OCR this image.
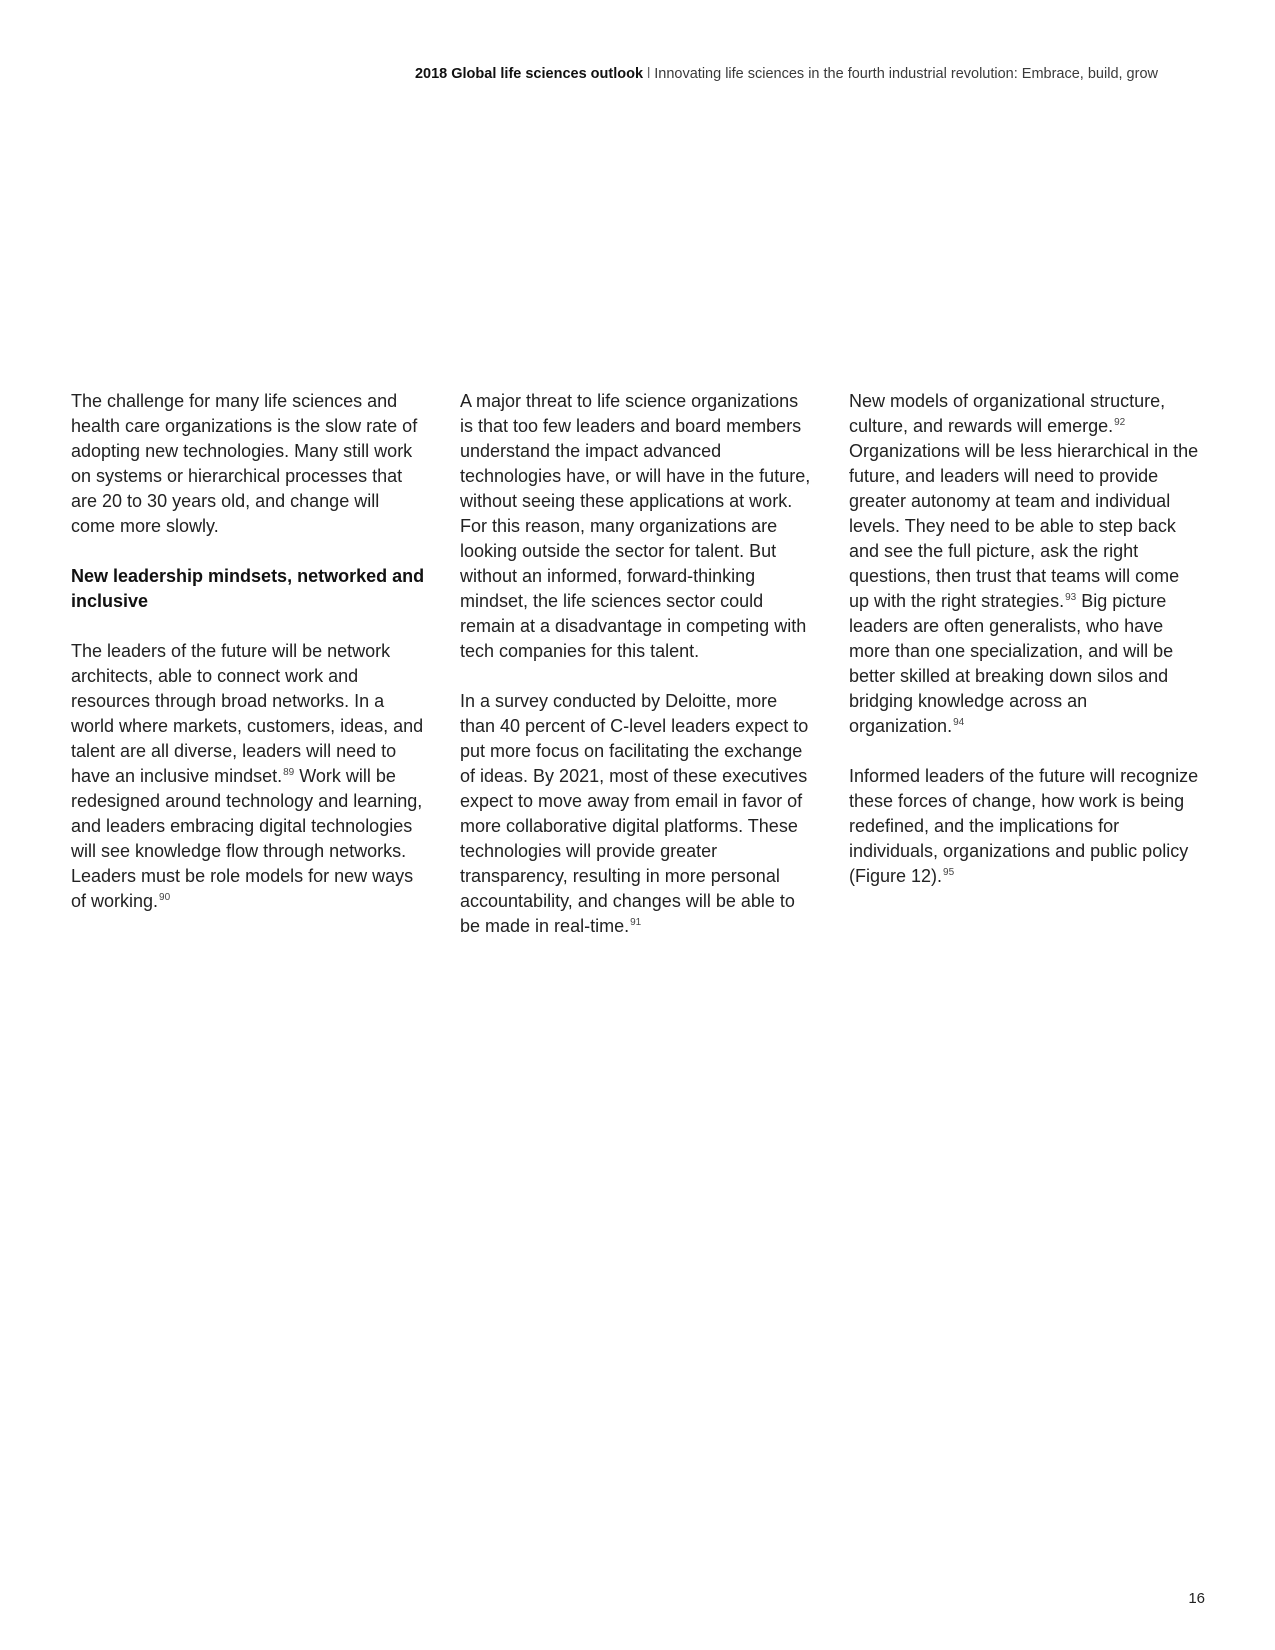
2018 Global life sciences outlook l Innovating life sciences in the fourth industrial revolution: Embrace, build, grow

The challenge for many life sciences and health care organizations is the slow rate of adopting new technologies. Many still work on systems or hierarchical processes that are 20 to 30 years old, and change will come more slowly.

New leadership mindsets, networked and inclusive

The leaders of the future will be network architects, able to connect work and resources through broad networks. In a world where markets, customers, ideas, and talent are all diverse, leaders will need to have an inclusive mindset.$^{89}$ Work will be redesigned around technology and learning, and leaders embracing digital technologies will see knowledge flow through networks. Leaders must be role models for new ways of working.$^{90}$

A major threat to life science organizations is that too few leaders and board members understand the impact advanced technologies have, or will have in the future, without seeing these applications at work. For this reason, many organizations are looking outside the sector for talent. But without an informed, forward-thinking mindset, the life sciences sector could remain at a disadvantage in competing with tech companies for this talent.

In a survey conducted by Deloitte, more than 40 percent of C-level leaders expect to put more focus on facilitating the exchange of ideas. By 2021, most of these executives expect to move away from email in favor of more collaborative digital platforms. These technologies will provide greater transparency, resulting in more personal accountability, and changes will be able to be made in real-time.$^{91}$

New models of organizational structure, culture, and rewards will emerge.$^{92}$ Organizations will be less hierarchical in the future, and leaders will need to provide greater autonomy at team and individual levels. They need to be able to step back and see the full picture, ask the right questions, then trust that teams will come up with the right strategies.$^{93}$ Big picture leaders are often generalists, who have more than one specialization, and will be better skilled at breaking down silos and bridging knowledge across an organization.$^{94}$

Informed leaders of the future will recognize these forces of change, how work is being redefined, and the implications for individuals, organizations and public policy (Figure 12).$^{95}$

16
